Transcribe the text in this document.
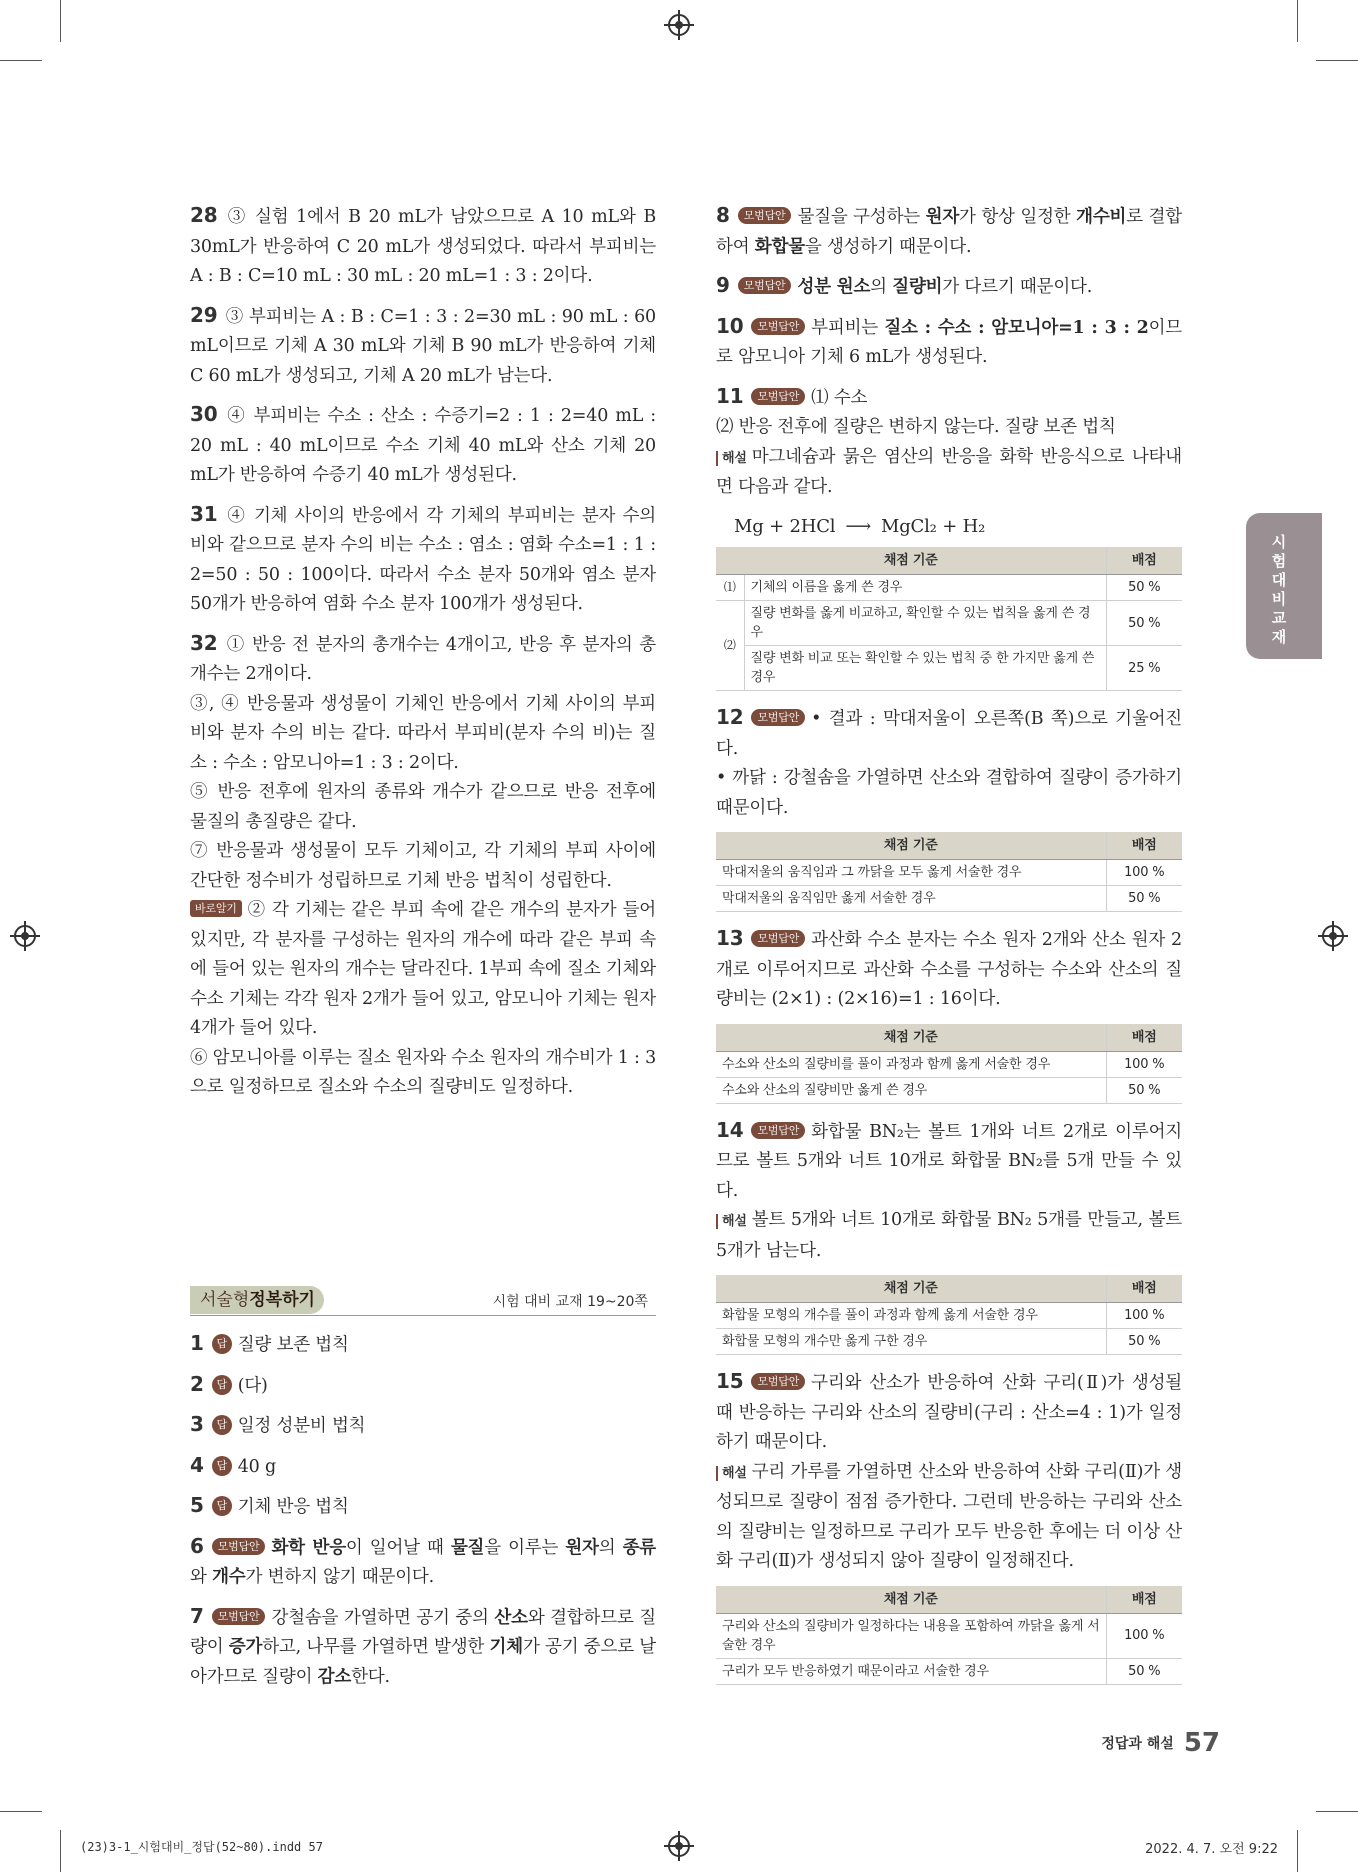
28 ③ 실험 1에서 B 20 mL가 남았으므로 A 10 mL와 B 30mL가 반응하여 C 20 mL가 생성되었다. 따라서 부피비는 A : B : C=10 mL : 30 mL : 20 mL=1 : 3 : 2이다.
29 ③ 부피비는 A : B : C=1 : 3 : 2=30 mL : 90 mL : 60 mL이므로 기체 A 30 mL와 기체 B 90 mL가 반응하여 기체 C 60 mL가 생성되고, 기체 A 20 mL가 남는다.
30 ④ 부피비는 수소 : 산소 : 수증기=2 : 1 : 2=40 mL : 20 mL : 40 mL이므로 수소 기체 40 mL와 산소 기체 20 mL가 반응하여 수증기 40 mL가 생성된다.
31 ④ 기체 사이의 반응에서 각 기체의 부피비는 분자 수의 비와 같으므로 분자 수의 비는 수소 : 염소 : 염화 수소=1 : 1 : 2=50 : 50 : 100이다. 따라서 수소 분자 50개와 염소 분자 50개가 반응하여 염화 수소 분자 100개가 생성된다.
32 ① 반응 전 분자의 총개수는 4개이고, 반응 후 분자의 총개수는 2개이다.
③, ④ 반응물과 생성물이 기체인 반응에서 기체 사이의 부피비와 분자 수의 비는 같다. 따라서 부피비(분자 수의 비)는 질소 : 수소 : 암모니아=1 : 3 : 2이다.
⑤ 반응 전후에 원자의 종류와 개수가 같으므로 반응 전후에 물질의 총질량은 같다.
⑦ 반응물과 생성물이 모두 기체이고, 각 기체의 부피 사이에 간단한 정수비가 성립하므로 기체 반응 법칙이 성립한다.
바로알기 ② 각 기체는 같은 부피 속에 같은 개수의 분자가 들어 있지만, 각 분자를 구성하는 원자의 개수에 따라 같은 부피 속에 들어 있는 원자의 개수는 달라진다. 1부피 속에 질소 기체와 수소 기체는 각각 원자 2개가 들어 있고, 암모니아 기체는 원자 4개가 들어 있다.
⑥ 암모니아를 이루는 질소 원자와 수소 원자의 개수비가 1 : 3으로 일정하므로 질소와 수소의 질량비도 일정하다.
서술형정복하기	시험 대비 교재 19~20쪽
1 답 질량 보존 법칙
2 답 (다)
3 답 일정 성분비 법칙
4 답 40 g
5 답 기체 반응 법칙
6 모범답안 화학 반응이 일어날 때 물질을 이루는 원자의 종류와 개수가 변하지 않기 때문이다.
7 모범답안 강철솜을 가열하면 공기 중의 산소와 결합하므로 질량이 증가하고, 나무를 가열하면 발생한 기체가 공기 중으로 날아가므로 질량이 감소한다.
8 모범답안 물질을 구성하는 원자가 항상 일정한 개수비로 결합하여 화합물을 생성하기 때문이다.
9 모범답안 성분 원소의 질량비가 다르기 때문이다.
10 모범답안 부피비는 질소 : 수소 : 암모니아=1 : 3 : 2이므로 암모니아 기체 6 mL가 생성된다.
11 모범답안 ⑴ 수소
⑵ 반응 전후에 질량은 변하지 않는다. 질량 보존 법칙
해설 마그네슘과 묽은 염산의 반응을 화학 반응식으로 나타내면 다음과 같다.
Mg + 2HCl ⟶ MgCl₂ + H₂
채점 기준		배점
⑴	기체의 이름을 옳게 쓴 경우	50 %
⑵	질량 변화를 옳게 비교하고, 확인할 수 있는 법칙을 옳게 쓴 경우	50 %
	질량 변화 비교 또는 확인할 수 있는 법칙 중 한 가지만 옳게 쓴 경우	25 %
12 모범답안 • 결과 : 막대저울이 오른쪽(B 쪽)으로 기울어진다.
• 까닭 : 강철솜을 가열하면 산소와 결합하여 질량이 증가하기 때문이다.
채점 기준	배점
막대저울의 움직임과 그 까닭을 모두 옳게 서술한 경우	100 %
막대저울의 움직임만 옳게 서술한 경우	50 %
13 모범답안 과산화 수소 분자는 수소 원자 2개와 산소 원자 2개로 이루어지므로 과산화 수소를 구성하는 수소와 산소의 질량비는 (2×1) : (2×16)=1 : 16이다.
채점 기준	배점
수소와 산소의 질량비를 풀이 과정과 함께 옳게 서술한 경우	100 %
수소와 산소의 질량비만 옳게 쓴 경우	50 %
14 모범답안 화합물 BN₂는 볼트 1개와 너트 2개로 이루어지므로 볼트 5개와 너트 10개로 화합물 BN₂를 5개 만들 수 있다.
해설 볼트 5개와 너트 10개로 화합물 BN₂ 5개를 만들고, 볼트 5개가 남는다.
채점 기준	배점
화합물 모형의 개수를 풀이 과정과 함께 옳게 서술한 경우	100 %
화합물 모형의 개수만 옳게 구한 경우	50 %
15 모범답안 구리와 산소가 반응하여 산화 구리(Ⅱ)가 생성될 때 반응하는 구리와 산소의 질량비(구리 : 산소=4 : 1)가 일정하기 때문이다.
해설 구리 가루를 가열하면 산소와 반응하여 산화 구리(Ⅱ)가 생성되므로 질량이 점점 증가한다. 그런데 반응하는 구리와 산소의 질량비는 일정하므로 구리가 모두 반응한 후에는 더 이상 산화 구리(Ⅱ)가 생성되지 않아 질량이 일정해진다.
채점 기준	배점
구리와 산소의 질량비가 일정하다는 내용을 포함하여 까닭을 옳게 서술한 경우	100 %
구리가 모두 반응하였기 때문이라고 서술한 경우	50 %
시
험
대
비
교
재
정답과 해설 57
(23)3-1_시험대비_정답(52~80).indd 57	2022. 4. 7. 오전 9:22
